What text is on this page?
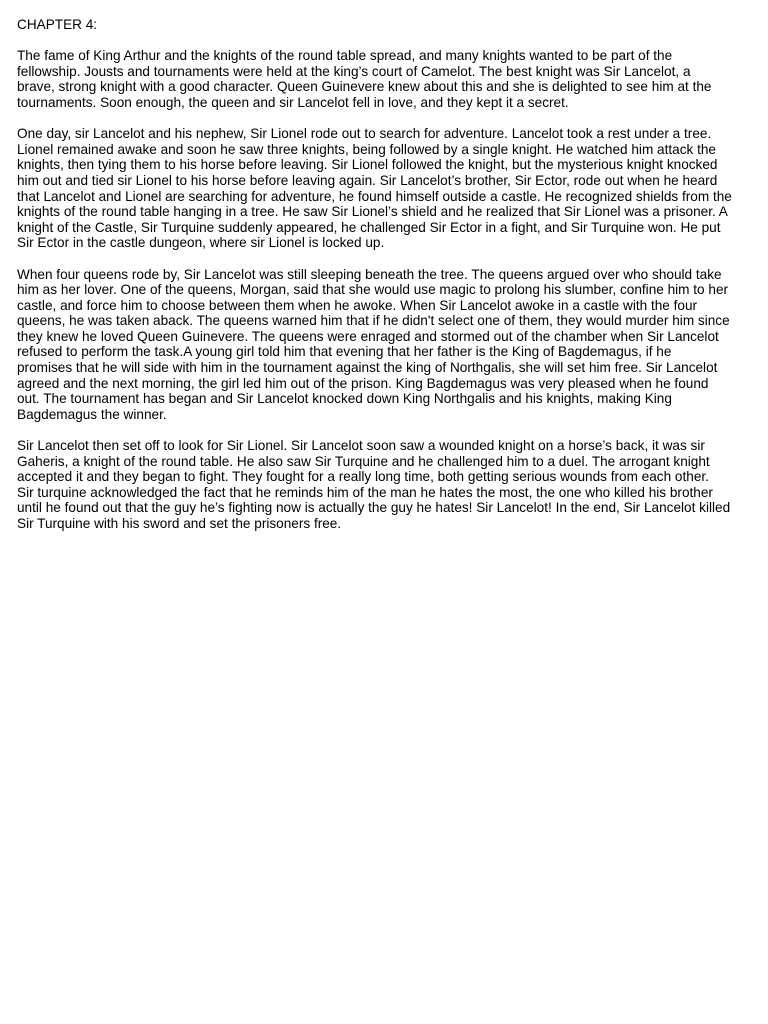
CHAPTER 4:

The fame of King Arthur and the knights of the round table spread, and many knights wanted to be part of the
fellowship. Jousts and tournaments were held at the king’s court of Camelot. The best knight was Sir Lancelot, a
brave, strong knight with a good character. Queen Guinevere knew about this and she is delighted to see him at the
tournaments. Soon enough, the queen and sir Lancelot fell in love, and they kept it a secret.

One day, sir Lancelot and his nephew, Sir Lionel rode out to search for adventure. Lancelot took a rest under a tree.
Lionel remained awake and soon he saw three knights, being followed by a single knight. He watched him attack the
knights, then tying them to his horse before leaving. Sir Lionel followed the knight, but the mysterious knight knocked
him out and tied sir Lionel to his horse before leaving again. Sir Lancelot’s brother, Sir Ector, rode out when he heard
that Lancelot and Lionel are searching for adventure, he found himself outside a castle. He recognized shields from the
knights of the round table hanging in a tree. He saw Sir Lionel’s shield and he realized that Sir Lionel was a prisoner. A
knight of the Castle, Sir Turquine suddenly appeared, he challenged Sir Ector in a fight, and Sir Turquine won. He put
Sir Ector in the castle dungeon, where sir Lionel is locked up.

When four queens rode by, Sir Lancelot was still sleeping beneath the tree. The queens argued over who should take
him as her lover. One of the queens, Morgan, said that she would use magic to prolong his slumber, confine him to her
castle, and force him to choose between them when he awoke. When Sir Lancelot awoke in a castle with the four
queens, he was taken aback. The queens warned him that if he didn't select one of them, they would murder him since
they knew he loved Queen Guinevere. The queens were enraged and stormed out of the chamber when Sir Lancelot
refused to perform the task.A young girl told him that evening that her father is the King of Bagdemagus, if he
promises that he will side with him in the tournament against the king of Northgalis, she will set him free. Sir Lancelot
agreed and the next morning, the girl led him out of the prison. King Bagdemagus was very pleased when he found
out. The tournament has began and Sir Lancelot knocked down King Northgalis and his knights, making King
Bagdemagus the winner.

Sir Lancelot then set off to look for Sir Lionel. Sir Lancelot soon saw a wounded knight on a horse’s back, it was sir
Gaheris, a knight of the round table. He also saw Sir Turquine and he challenged him to a duel. The arrogant knight
accepted it and they began to fight. They fought for a really long time, both getting serious wounds from each other.
Sir turquine acknowledged the fact that he reminds him of the man he hates the most, the one who killed his brother
until he found out that the guy he’s fighting now is actually the guy he hates! Sir Lancelot! In the end, Sir Lancelot killed
Sir Turquine with his sword and set the prisoners free.
